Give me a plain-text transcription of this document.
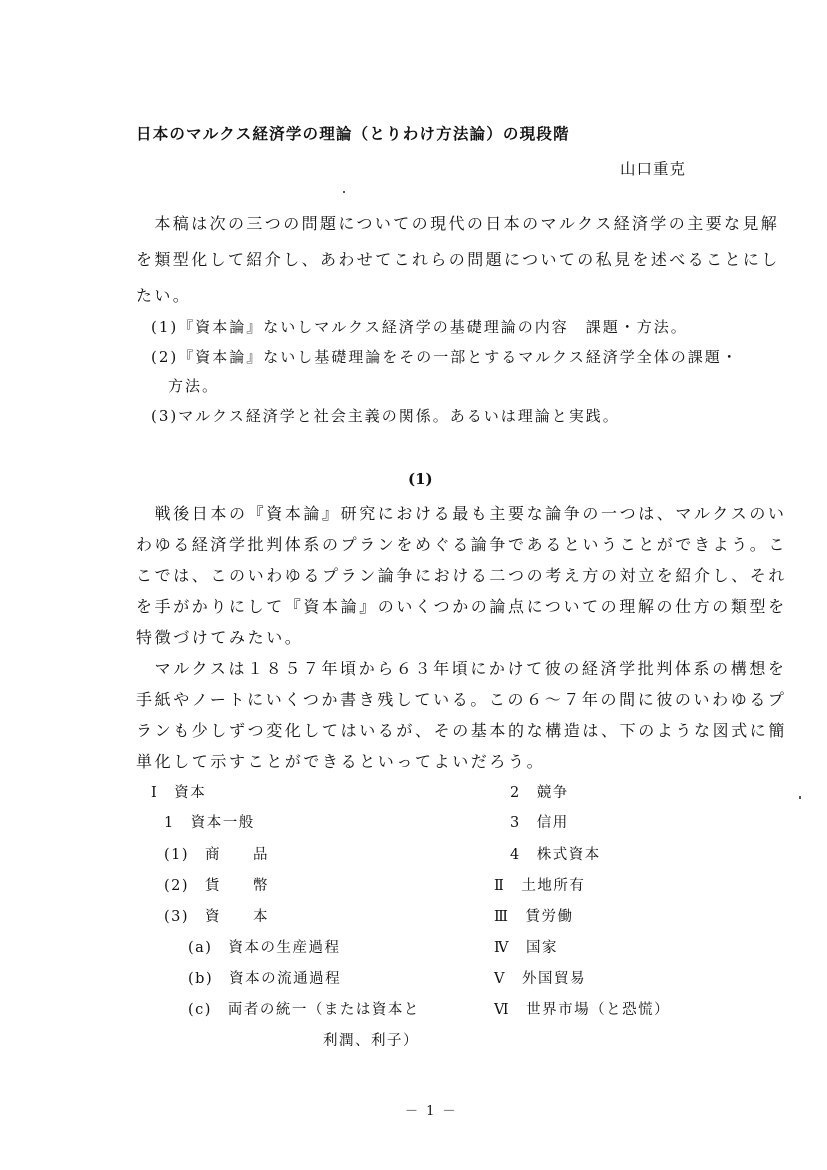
日本のマルクス経済学の理論（とりわけ方法論）の現段階
山口重克

　本稿は次の三つの問題についての現代の日本のマルクス経済学の主要な見解

を類型化して紹介し、あわせてこれらの問題についての私見を述べることにし

たい。

(1)『資本論』ないしマルクス経済学の基礎理論の内容　課題・方法。

(2)『資本論』ないし基礎理論をその一部とするマルクス経済学全体の課題・

　方法。

(3)マルクス経済学と社会主義の関係。あるいは理論と実践。

(1)

　戦後日本の『資本論』研究における最も主要な論争の一つは、マルクスのい

わゆる経済学批判体系のプランをめぐる論争であるということができよう。こ

こでは、このいわゆるプラン論争における二つの考え方の対立を紹介し、それ

を手がかりにして『資本論』のいくつかの論点についての理解の仕方の類型を

特徴づけてみたい。

　マルクスは１８５７年頃から６３年頃にかけて彼の経済学批判体系の構想を

手紙やノートにいくつか書き残している。この６～７年の間に彼のいわゆるプ

ランも少しずつ変化してはいるが、その基本的な構造は、下のような図式に簡

単化して示すことができるといってよいだろう。

Ⅰ　資本
1　資本一般
(1)　商　　品
(2)　貨　　幣
(3)　資　　本
(a)　資本の生産過程
(b)　資本の流通過程
(c)　両者の統一（または資本と
利潤、利子）
2　競争
3　信用
4　株式資本
Ⅱ　土地所有
Ⅲ　賃労働
Ⅳ　国家
Ⅴ　外国貿易
Ⅵ　世界市場（と恐慌）
－ 1 －
